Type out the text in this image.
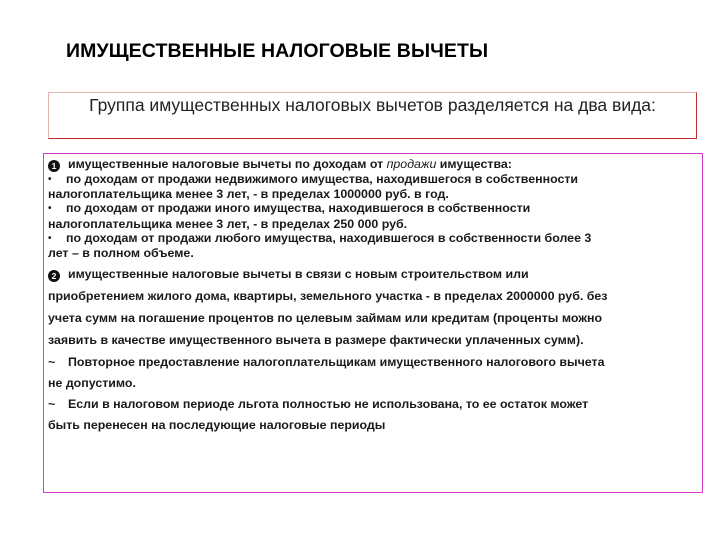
ИМУЩЕСТВЕННЫЕ НАЛОГОВЫЕ ВЫЧЕТЫ
Группа имущественных налоговых вычетов разделяется на два вида:
1 имущественные налоговые вычеты по доходам от продажи имущества:
• по доходам от продажи недвижимого имущества, находившегося в собственности
налогоплательщика менее 3 лет, - в пределах 1000000 руб. в год.
• по доходам от продажи иного имущества, находившегося в собственности
налогоплательщика менее 3 лет, - в пределах 250 000 руб.
• по доходам от продажи любого имущества, находившегося в собственности более 3
лет – в полном объеме.
2 имущественные налоговые вычеты в связи с новым строительством или
приобретением жилого дома, квартиры, земельного участка - в пределах 2000000 руб. без
учета сумм на погашение процентов по целевым займам или кредитам (проценты можно
заявить в качестве имущественного вычета в размере фактически уплаченных сумм).
~ Повторное предоставление налогоплательщикам имущественного налогового вычета
не допустимо.
~ Если в налоговом периоде льгота полностью не использована, то ее остаток может
быть перенесен на последующие налоговые периоды
